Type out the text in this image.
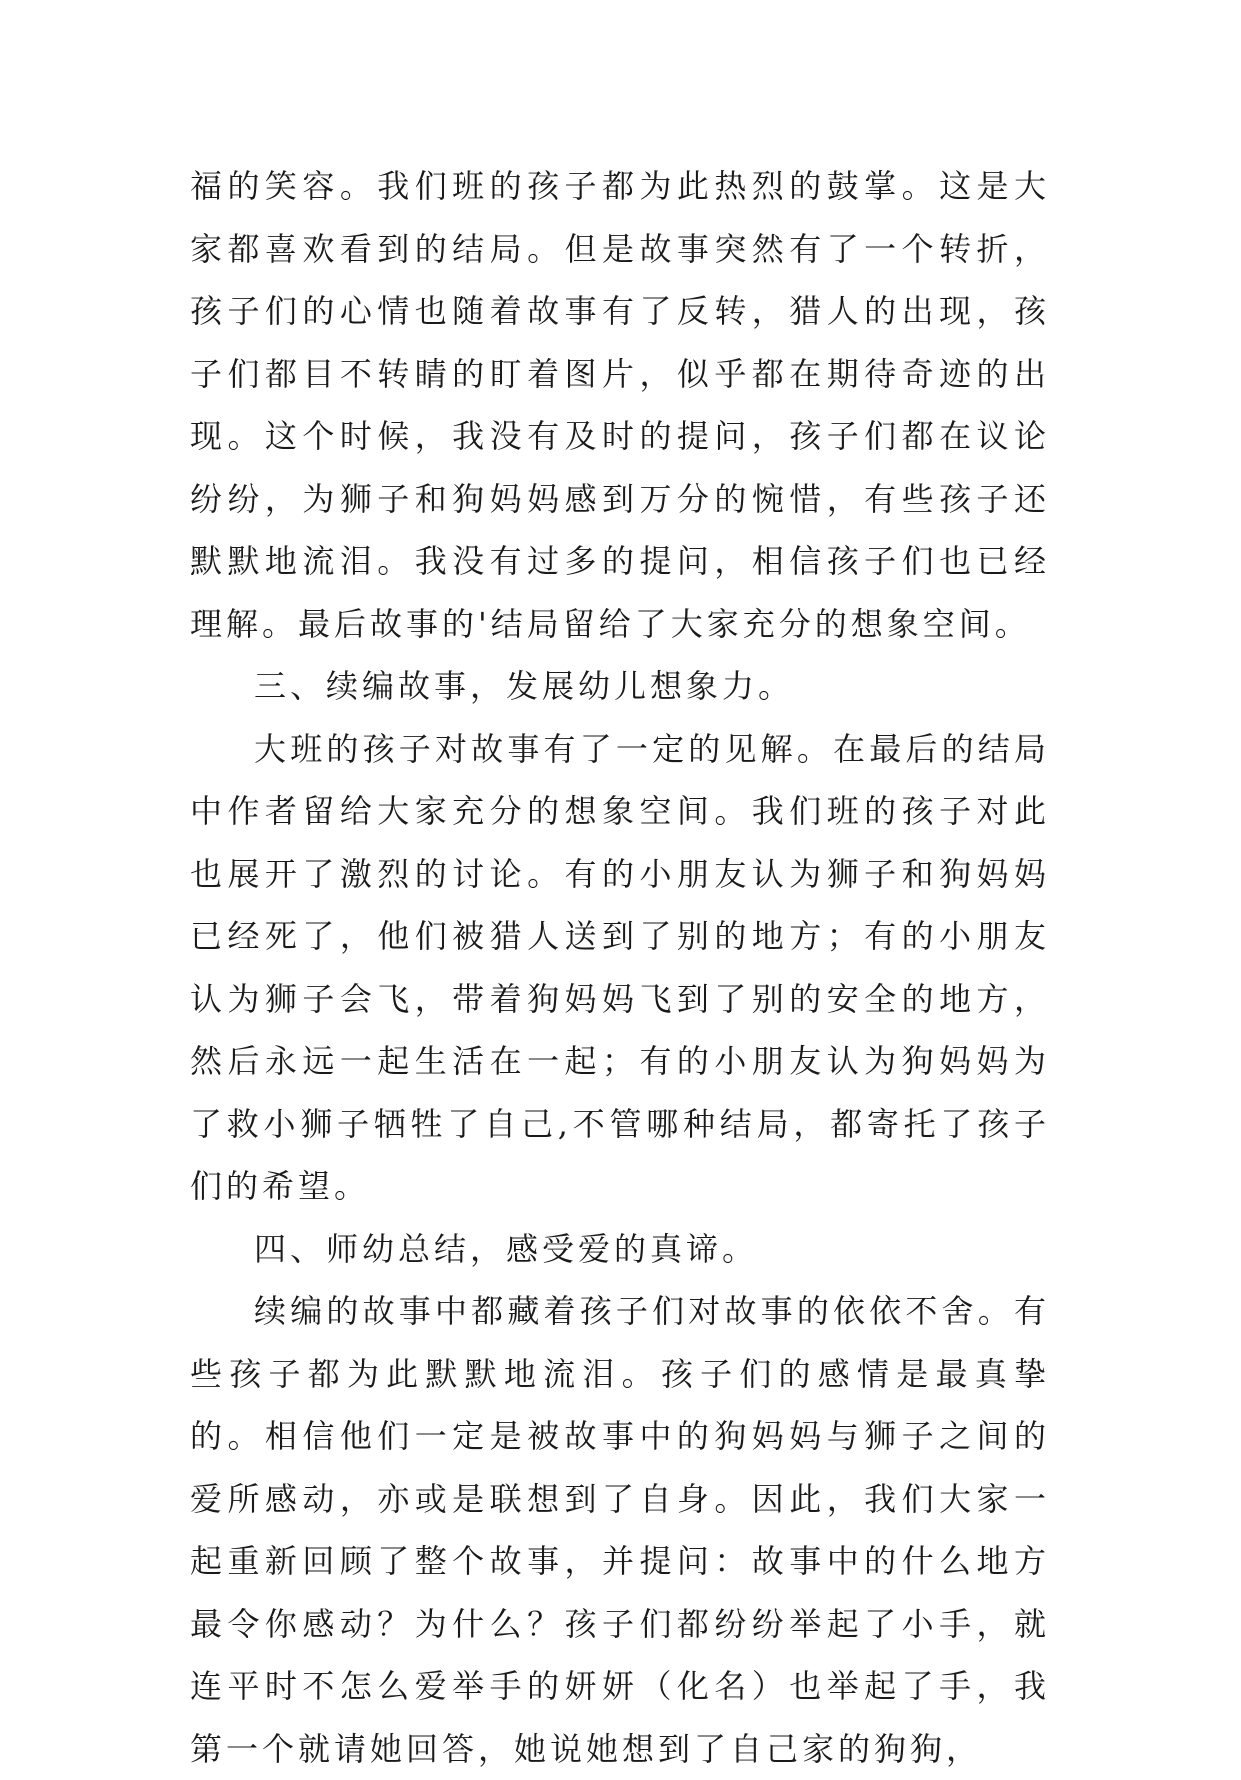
福的笑容。我们班的孩子都为此热烈的鼓掌。这是大家都喜欢看到的结局。但是故事突然有了一个转折，孩子们的心情也随着故事有了反转，猎人的出现，孩子们都目不转睛的盯着图片，似乎都在期待奇迹的出现。这个时候，我没有及时的提问，孩子们都在议论纷纷，为狮子和狗妈妈感到万分的惋惜，有些孩子还默默地流泪。我没有过多的提问，相信孩子们也已经理解。最后故事的'结局留给了大家充分的想象空间。

三、续编故事，发展幼儿想象力。

大班的孩子对故事有了一定的见解。在最后的结局中作者留给大家充分的想象空间。我们班的孩子对此也展开了激烈的讨论。有的小朋友认为狮子和狗妈妈已经死了，他们被猎人送到了别的地方；有的小朋友认为狮子会飞，带着狗妈妈飞到了别的安全的地方，然后永远一起生活在一起；有的小朋友认为狗妈妈为了救小狮子牺牲了自己,不管哪种结局，都寄托了孩子们的希望。

四、师幼总结，感受爱的真谛。

续编的故事中都藏着孩子们对故事的依依不舍。有些孩子都为此默默地流泪。孩子们的感情是最真挚的。相信他们一定是被故事中的狗妈妈与狮子之间的爱所感动，亦或是联想到了自身。因此，我们大家一起重新回顾了整个故事，并提问：故事中的什么地方最令你感动？为什么？孩子们都纷纷举起了小手，就连平时不怎么爱举手的妍妍（化名）也举起了手，我第一个就请她回答，她说她想到了自己家的狗狗，
